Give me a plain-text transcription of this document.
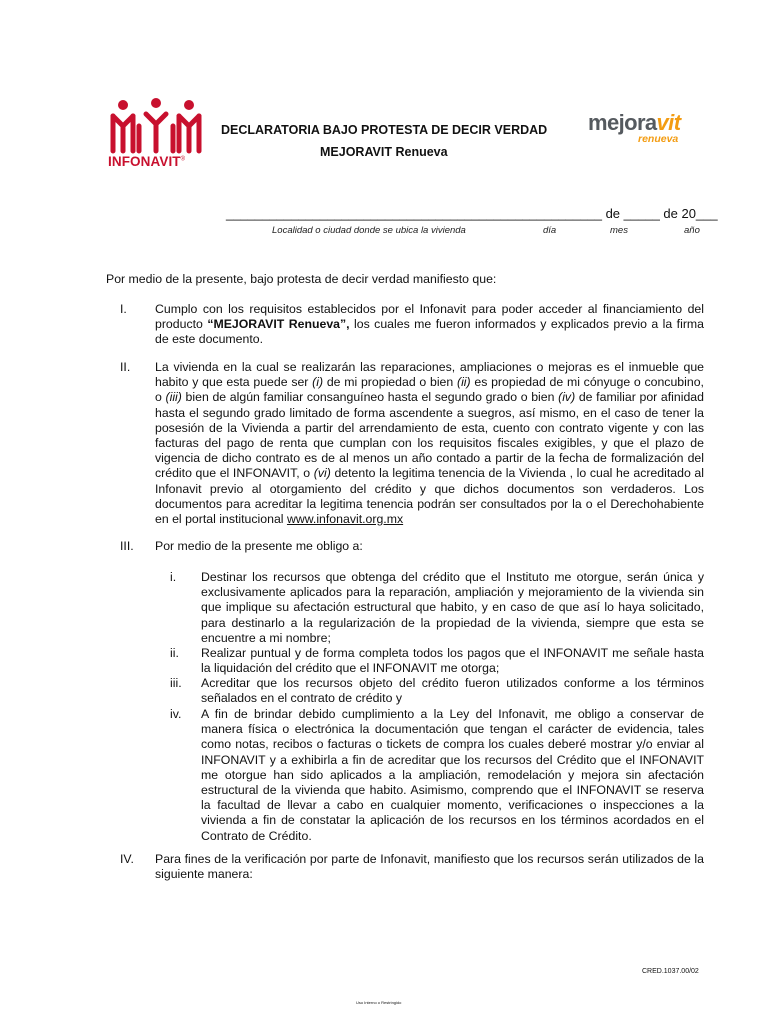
INFONAVIT®
DECLARATORIA BAJO PROTESTA DE DECIR VERDAD
MEJORAVIT Renueva
mejoravit
renueva
____________________________________________________ de _____ de 20___
Localidad o ciudad donde se ubica la vivienda	día	mes	año
Por medio de la presente, bajo protesta de decir verdad manifiesto que:
I. Cumplo con los requisitos establecidos por el Infonavit para poder acceder al financiamiento del producto “MEJORAVIT Renueva”, los cuales me fueron informados y explicados previo a la firma de este documento.
II. La vivienda en la cual se realizarán las reparaciones, ampliaciones o mejoras es el inmueble que habito y que esta puede ser (i) de mi propiedad o bien (ii) es propiedad de mi cónyuge o concubino, o (iii) bien de algún familiar consanguíneo hasta el segundo grado o bien (iv) de familiar por afinidad hasta el segundo grado limitado de forma ascendente a suegros, así mismo, en el caso de tener la posesión de la Vivienda a partir del arrendamiento de esta, cuento con contrato vigente y con las facturas del pago de renta que cumplan con los requisitos fiscales exigibles, y que el plazo de vigencia de dicho contrato es de al menos un año contado a partir de la fecha de formalización del crédito que el INFONAVIT, o (vi) detento la legitima tenencia de la Vivienda , lo cual he acreditado al Infonavit previo al otorgamiento del crédito y que dichos documentos son verdaderos. Los documentos para acreditar la legitima tenencia podrán ser consultados por la o el Derechohabiente en el portal institucional www.infonavit.org.mx
III. Por medio de la presente me obligo a:
i. Destinar los recursos que obtenga del crédito que el Instituto me otorgue, serán única y exclusivamente aplicados para la reparación, ampliación y mejoramiento de la vivienda sin que implique su afectación estructural que habito, y en caso de que así lo haya solicitado, para destinarlo a la regularización de la propiedad de la vivienda, siempre que esta se encuentre a mi nombre;
ii. Realizar puntual y de forma completa todos los pagos que el INFONAVIT me señale hasta la liquidación del crédito que el INFONAVIT me otorga;
iii. Acreditar que los recursos objeto del crédito fueron utilizados conforme a los términos señalados en el contrato de crédito y
iv. A fin de brindar debido cumplimiento a la Ley del Infonavit, me obligo a conservar de manera física o electrónica la documentación que tengan el carácter de evidencia, tales como notas, recibos o facturas o tickets de compra los cuales deberé mostrar y/o enviar al INFONAVIT y a exhibirla a fin de acreditar que los recursos del Crédito que el INFONAVIT me otorgue han sido aplicados a la ampliación, remodelación y mejora sin afectación estructural de la vivienda que habito. Asimismo, comprendo que el INFONAVIT se reserva la facultad de llevar a cabo en cualquier momento, verificaciones o inspecciones a la vivienda a fin de constatar la aplicación de los recursos en los términos acordados en el Contrato de Crédito.
IV. Para fines de la verificación por parte de Infonavit, manifiesto que los recursos serán utilizados de la siguiente manera:
CRED.1037.00/02
Uso Interno o Restringido
